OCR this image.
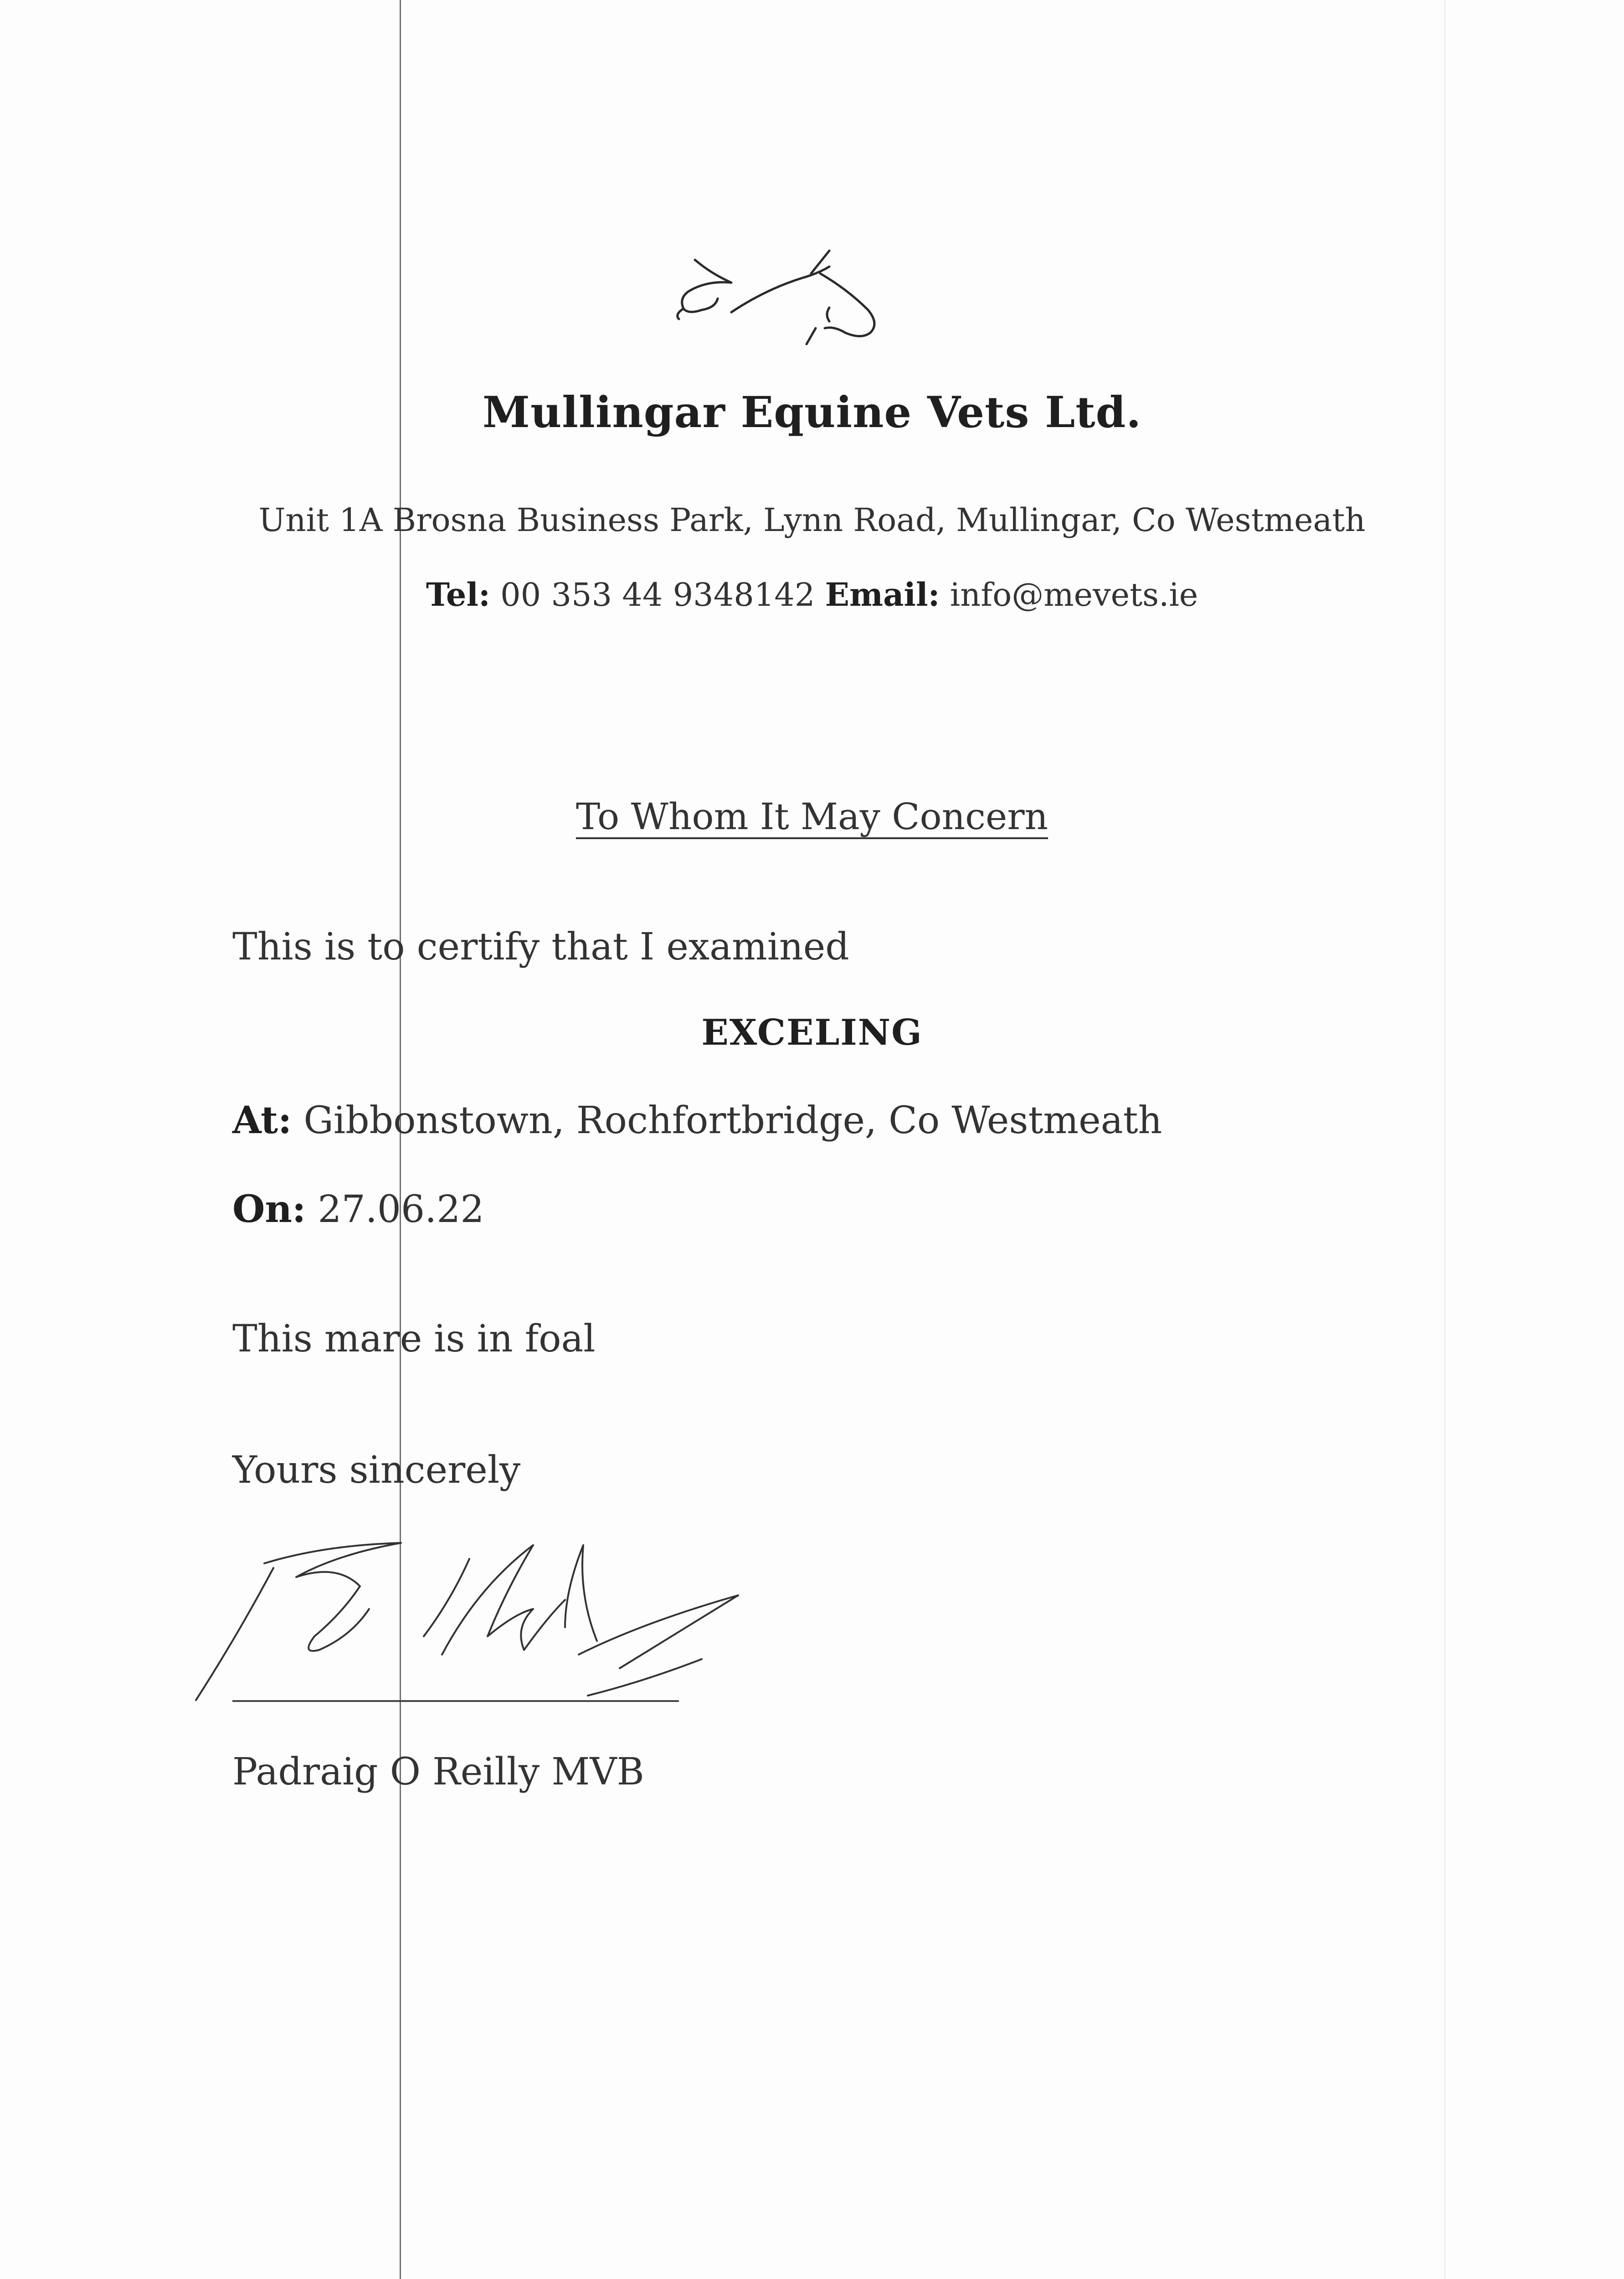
Mullingar Equine Vets Ltd.
Unit 1A Brosna Business Park, Lynn Road, Mullingar, Co Westmeath
Tel: 00 353 44 9348142 Email: info@mevets.ie
To Whom It May Concern
This is to certify that I examined
EXCELING
At: Gibbonstown, Rochfortbridge, Co Westmeath
On: 27.06.22
This mare is in foal
Yours sincerely
Padraig O Reilly MVB
